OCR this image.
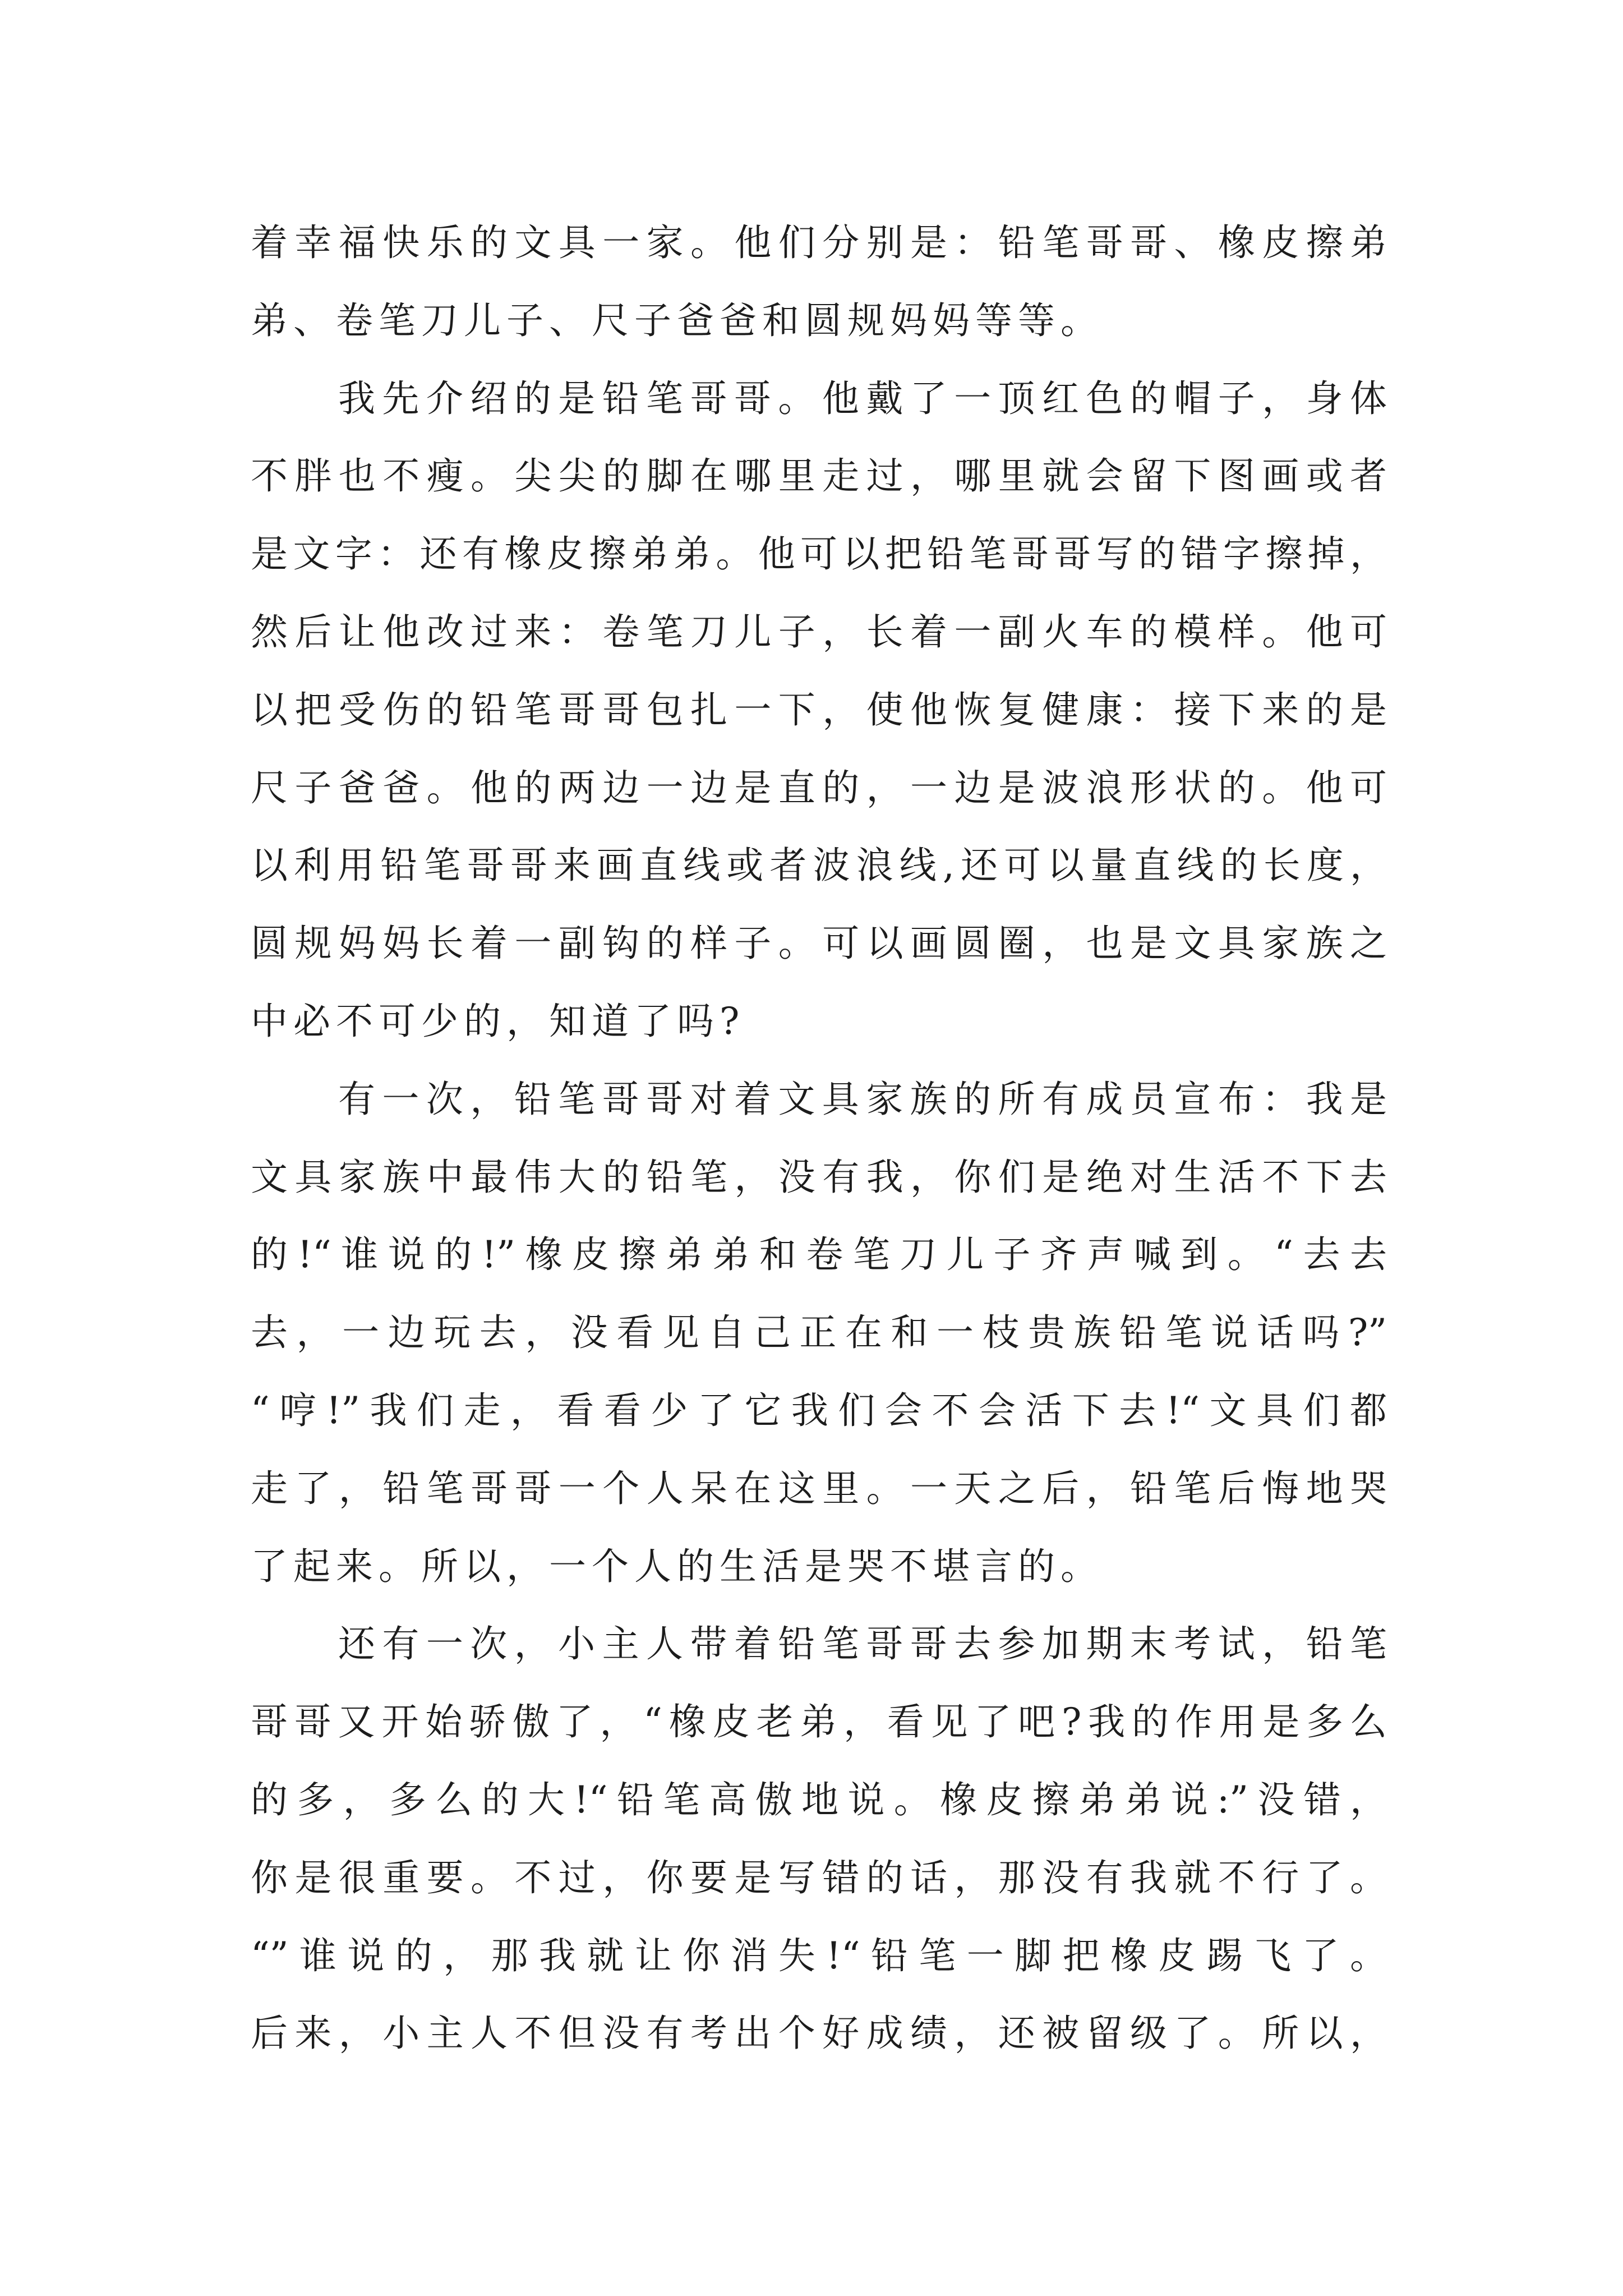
着幸福快乐的文具一家。他们分别是：铅笔哥哥、橡皮擦弟
弟、卷笔刀儿子、尺子爸爸和圆规妈妈等等。
我先介绍的是铅笔哥哥。他戴了一顶红色的帽子，身体
不胖也不瘦。尖尖的脚在哪里走过，哪里就会留下图画或者
是文字：还有橡皮擦弟弟。他可以把铅笔哥哥写的错字擦掉，
然后让他改过来：卷笔刀儿子，长着一副火车的模样。他可
以把受伤的铅笔哥哥包扎一下，使他恢复健康：接下来的是
尺子爸爸。他的两边一边是直的，一边是波浪形状的。他可
以利用铅笔哥哥来画直线或者波浪线,还可以量直线的长度，
圆规妈妈长着一副钩的样子。可以画圆圈，也是文具家族之
中必不可少的，知道了吗?
有一次，铅笔哥哥对着文具家族的所有成员宣布：我是
文具家族中最伟大的铅笔，没有我，你们是绝对生活不下去
的!“谁说的!”橡皮擦弟弟和卷笔刀儿子齐声喊到。“去去
去，一边玩去，没看见自己正在和一枝贵族铅笔说话吗?”
“哼!”我们走，看看少了它我们会不会活下去!“文具们都
走了，铅笔哥哥一个人呆在这里。一天之后，铅笔后悔地哭
了起来。所以，一个人的生活是哭不堪言的。
还有一次，小主人带着铅笔哥哥去参加期末考试，铅笔
哥哥又开始骄傲了，“橡皮老弟，看见了吧?我的作用是多么
的多，多么的大!“铅笔高傲地说。橡皮擦弟弟说:”没错，
你是很重要。不过，你要是写错的话，那没有我就不行了。
“”谁说的，那我就让你消失!“铅笔一脚把橡皮踢飞了。
后来，小主人不但没有考出个好成绩，还被留级了。所以，
